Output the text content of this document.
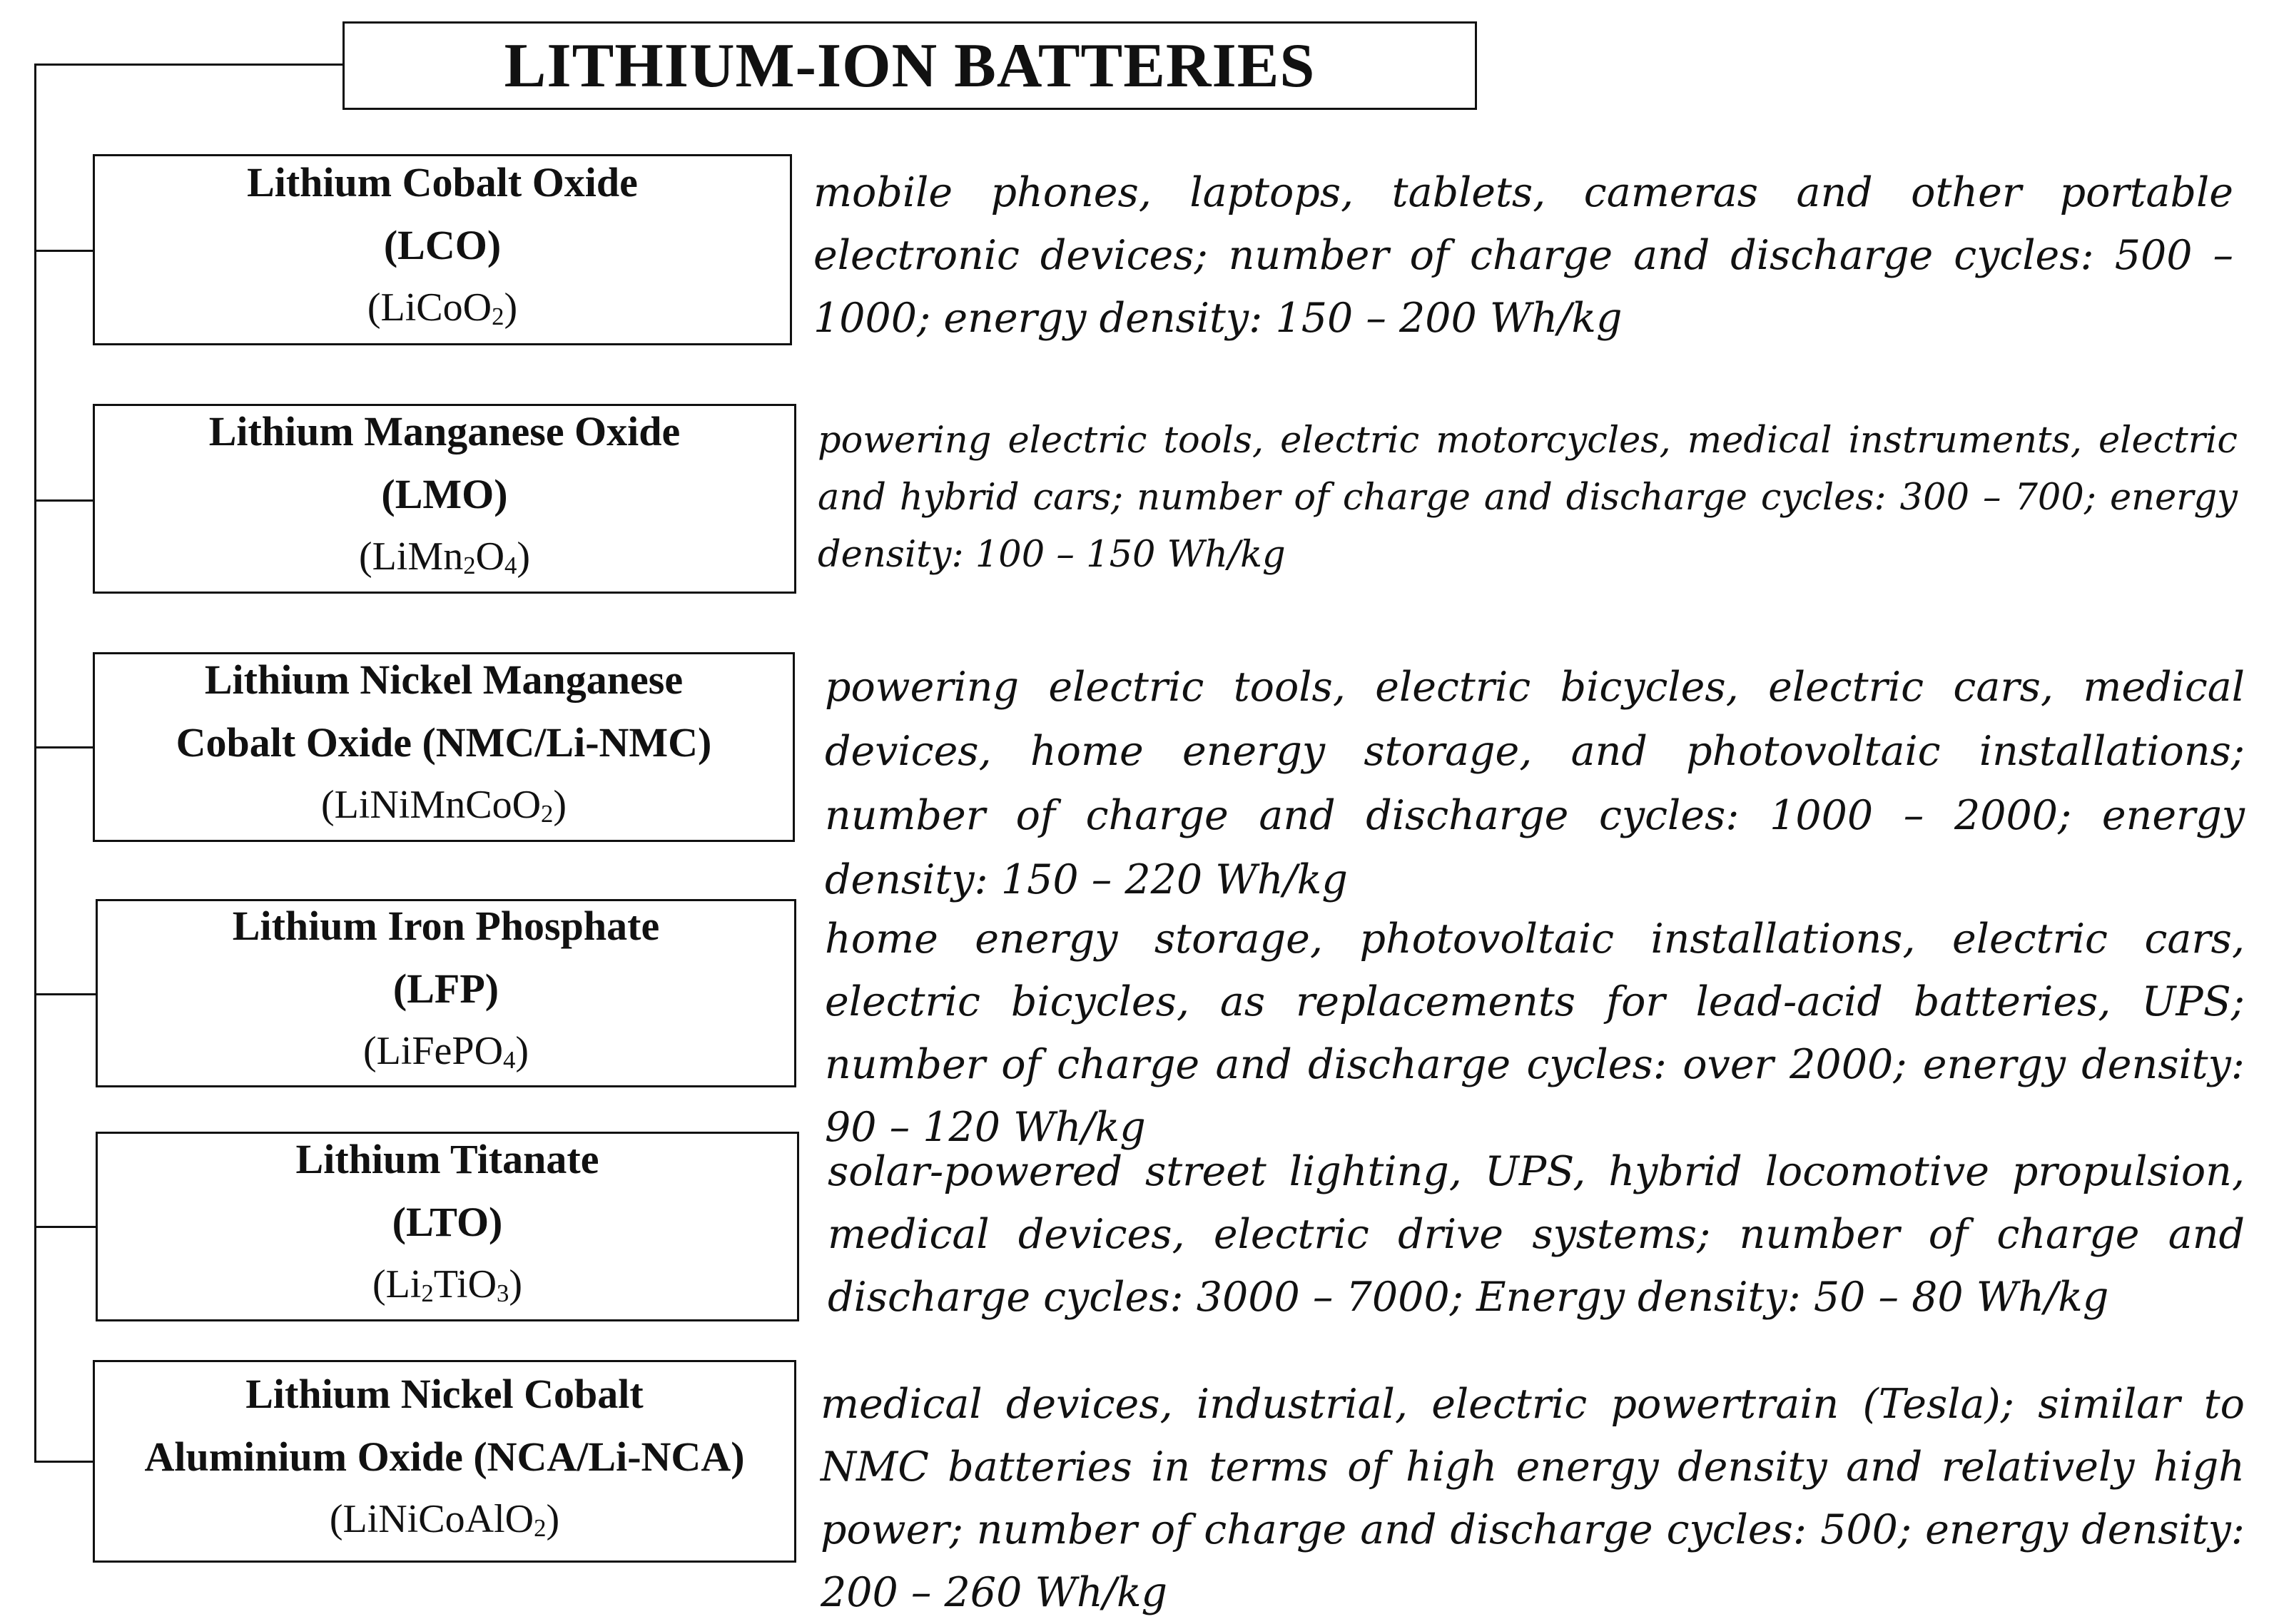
LITHIUM-ION BATTERIES
Lithium Cobalt Oxide
(LCO)
(LiCoO$_2$)
mobile phones, laptops, tablets, cameras and other portable electronic devices; number of charge and discharge cycles: 500 – 1000; energy density: 150 – 200 Wh/kg
Lithium Manganese Oxide
(LMO)
$(LiMn_2O_4)$
powering electric tools, electric motorcycles, medical instruments, electric and hybrid cars; number of charge and discharge cycles: 300 – 700; energy density: 100 – 150 Wh/kg
Lithium Nickel Manganese
Cobalt Oxide (NMC/Li-NMC)
(LiNiMnCoO$_2$)
powering electric tools, electric bicycles, electric cars, medical devices, home energy storage, and photovoltaic installations; number of charge and discharge cycles: 1000 – 2000; energy density: 150 – 220 Wh/kg
Lithium Iron Phosphate
(LFP)
(LiFePO$_4$)
home energy storage, photovoltaic installations, electric cars, electric bicycles, as replacements for lead-acid batteries, UPS; number of charge and discharge cycles: over 2000; energy density: 90 – 120 Wh/kg
Lithium Titanate
(LTO)
$(Li_2TiO_3)$
solar-powered street lighting, UPS, hybrid locomotive propulsion, medical devices, electric drive systems; number of charge and discharge cycles: 3000 – 7000; Energy density: 50 – 80 Wh/kg
Lithium Nickel Cobalt
Aluminium Oxide (NCA/Li-NCA)
(LiNiCoAlO$_2$)
medical devices, industrial, electric powertrain (Tesla); similar to NMC batteries in terms of high energy density and relatively high power; number of charge and discharge cycles: 500; energy density: 200 – 260 Wh/kg
